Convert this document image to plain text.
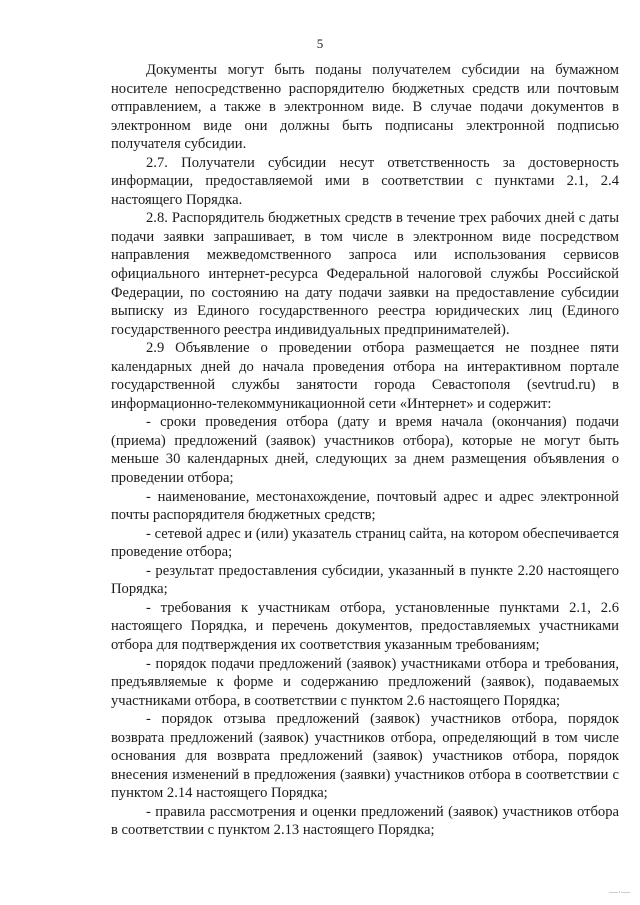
5

Документы могут быть поданы получателем субсидии на бумажном носителе непосредственно распорядителю бюджетных средств или почтовым отправлением, а также в электронном виде. В случае подачи документов в электронном виде они должны быть подписаны электронной подписью получателя субсидии.

2.7. Получатели субсидии несут ответственность за достоверность информации, предоставляемой ими в соответствии с пунктами 2.1, 2.4 настоящего Порядка.

2.8. Распорядитель бюджетных средств в течение трех рабочих дней с даты подачи заявки запрашивает, в том числе в электронном виде посредством направления межведомственного запроса или использования сервисов официального интернет-ресурса Федеральной налоговой службы Российской Федерации, по состоянию на дату подачи заявки на предоставление субсидии выписку из Единого государственного реестра юридических лиц (Единого государственного реестра индивидуальных предпринимателей).

2.9 Объявление о проведении отбора размещается не позднее пяти календарных дней до начала проведения отбора на интерактивном портале государственной службы занятости города Севастополя (sevtrud.ru) в информационно-телекоммуникационной сети «Интернет» и содержит:

- сроки проведения отбора (дату и время начала (окончания) подачи (приема) предложений (заявок) участников отбора), которые не могут быть меньше 30 календарных дней, следующих за днем размещения объявления о проведении отбора;

- наименование, местонахождение, почтовый адрес и адрес электронной почты распорядителя бюджетных средств;

- сетевой адрес и (или) указатель страниц сайта, на котором обеспечивается проведение отбора;

- результат предоставления субсидии, указанный в пункте 2.20 настоящего Порядка;

- требования к участникам отбора, установленные пунктами 2.1, 2.6 настоящего Порядка, и перечень документов, предоставляемых участниками отбора для подтверждения их соответствия указанным требованиям;

- порядок подачи предложений (заявок) участниками отбора и требования, предъявляемые к форме и содержанию предложений (заявок), подаваемых участниками отбора, в соответствии с пунктом 2.6 настоящего Порядка;

- порядок отзыва предложений (заявок) участников отбора, порядок возврата предложений (заявок) участников отбора, определяющий в том числе основания для возврата предложений (заявок) участников отбора, порядок внесения изменений в предложения (заявки) участников отбора в соответствии с пунктом 2.14 настоящего Порядка;

- правила рассмотрения и оценки предложений (заявок) участников отбора в соответствии с пунктом 2.13 настоящего Порядка;

—·—
